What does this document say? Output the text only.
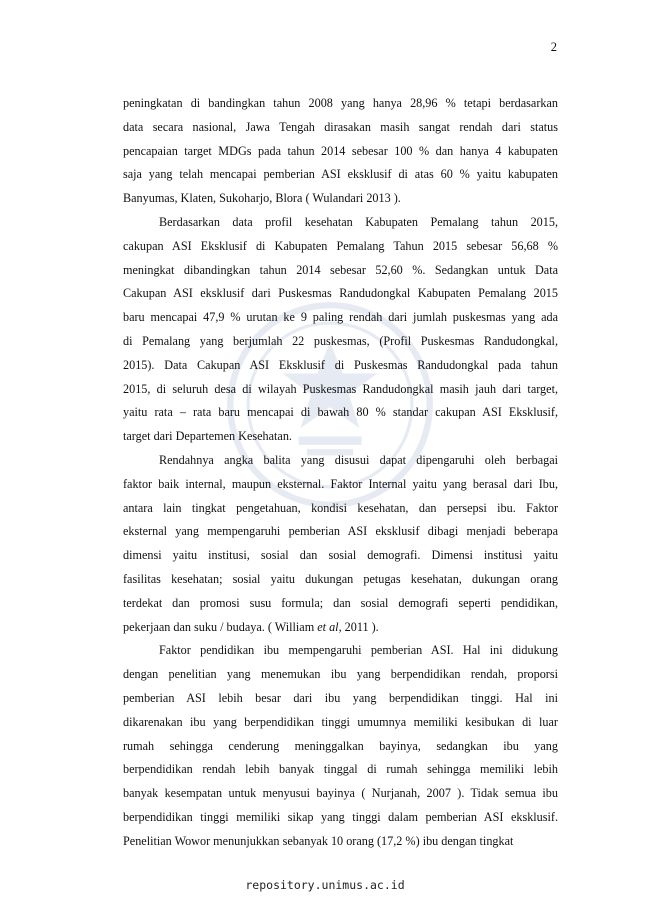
2
peningkatan di bandingkan tahun 2008 yang hanya 28,96 % tetapi berdasarkan
data secara nasional, Jawa Tengah dirasakan masih sangat rendah dari status
pencapaian target MDGs pada tahun 2014 sebesar 100 % dan hanya 4 kabupaten
saja yang telah mencapai pemberian ASI eksklusif di atas 60 % yaitu kabupaten
Banyumas, Klaten, Sukoharjo, Blora ( Wulandari 2013 ).
Berdasarkan data profil kesehatan Kabupaten Pemalang tahun 2015,
cakupan ASI Eksklusif di Kabupaten Pemalang Tahun 2015 sebesar 56,68 %
meningkat dibandingkan tahun 2014 sebesar 52,60 %. Sedangkan untuk Data
Cakupan ASI eksklusif dari Puskesmas Randudongkal Kabupaten Pemalang 2015
baru mencapai 47,9 % urutan ke 9 paling rendah dari jumlah puskesmas yang ada
di Pemalang yang berjumlah 22 puskesmas, (Profil Puskesmas Randudongkal,
2015). Data Cakupan ASI Eksklusif di Puskesmas Randudongkal pada tahun
2015, di seluruh desa di wilayah Puskesmas Randudongkal masih jauh dari target,
yaitu rata – rata baru mencapai di bawah 80 % standar cakupan ASI Eksklusif,
target dari Departemen Kesehatan.
Rendahnya angka balita yang disusui dapat dipengaruhi oleh berbagai
faktor baik internal, maupun eksternal. Faktor Internal yaitu yang berasal dari Ibu,
antara lain tingkat pengetahuan, kondisi kesehatan, dan persepsi ibu. Faktor
eksternal yang mempengaruhi pemberian ASI eksklusif dibagi menjadi beberapa
dimensi yaitu institusi, sosial dan sosial demografi. Dimensi institusi yaitu
fasilitas kesehatan; sosial yaitu dukungan petugas kesehatan, dukungan orang
terdekat dan promosi susu formula; dan sosial demografi seperti pendidikan,
pekerjaan dan suku / budaya. ( William et al, 2011 ).
Faktor pendidikan ibu mempengaruhi pemberian ASI. Hal ini didukung
dengan penelitian yang menemukan ibu yang berpendidikan rendah, proporsi
pemberian ASI lebih besar dari ibu yang berpendidikan tinggi. Hal ini
dikarenakan ibu yang berpendidikan tinggi umumnya memiliki kesibukan di luar
rumah sehingga cenderung meninggalkan bayinya, sedangkan ibu yang
berpendidikan rendah lebih banyak tinggal di rumah sehingga memiliki lebih
banyak kesempatan untuk menyusui bayinya ( Nurjanah, 2007 ). Tidak semua ibu
berpendidikan tinggi memiliki sikap yang tinggi dalam pemberian ASI eksklusif.
Penelitian Wowor menunjukkan sebanyak 10 orang (17,2 %) ibu dengan tingkat
repository.unimus.ac.id
